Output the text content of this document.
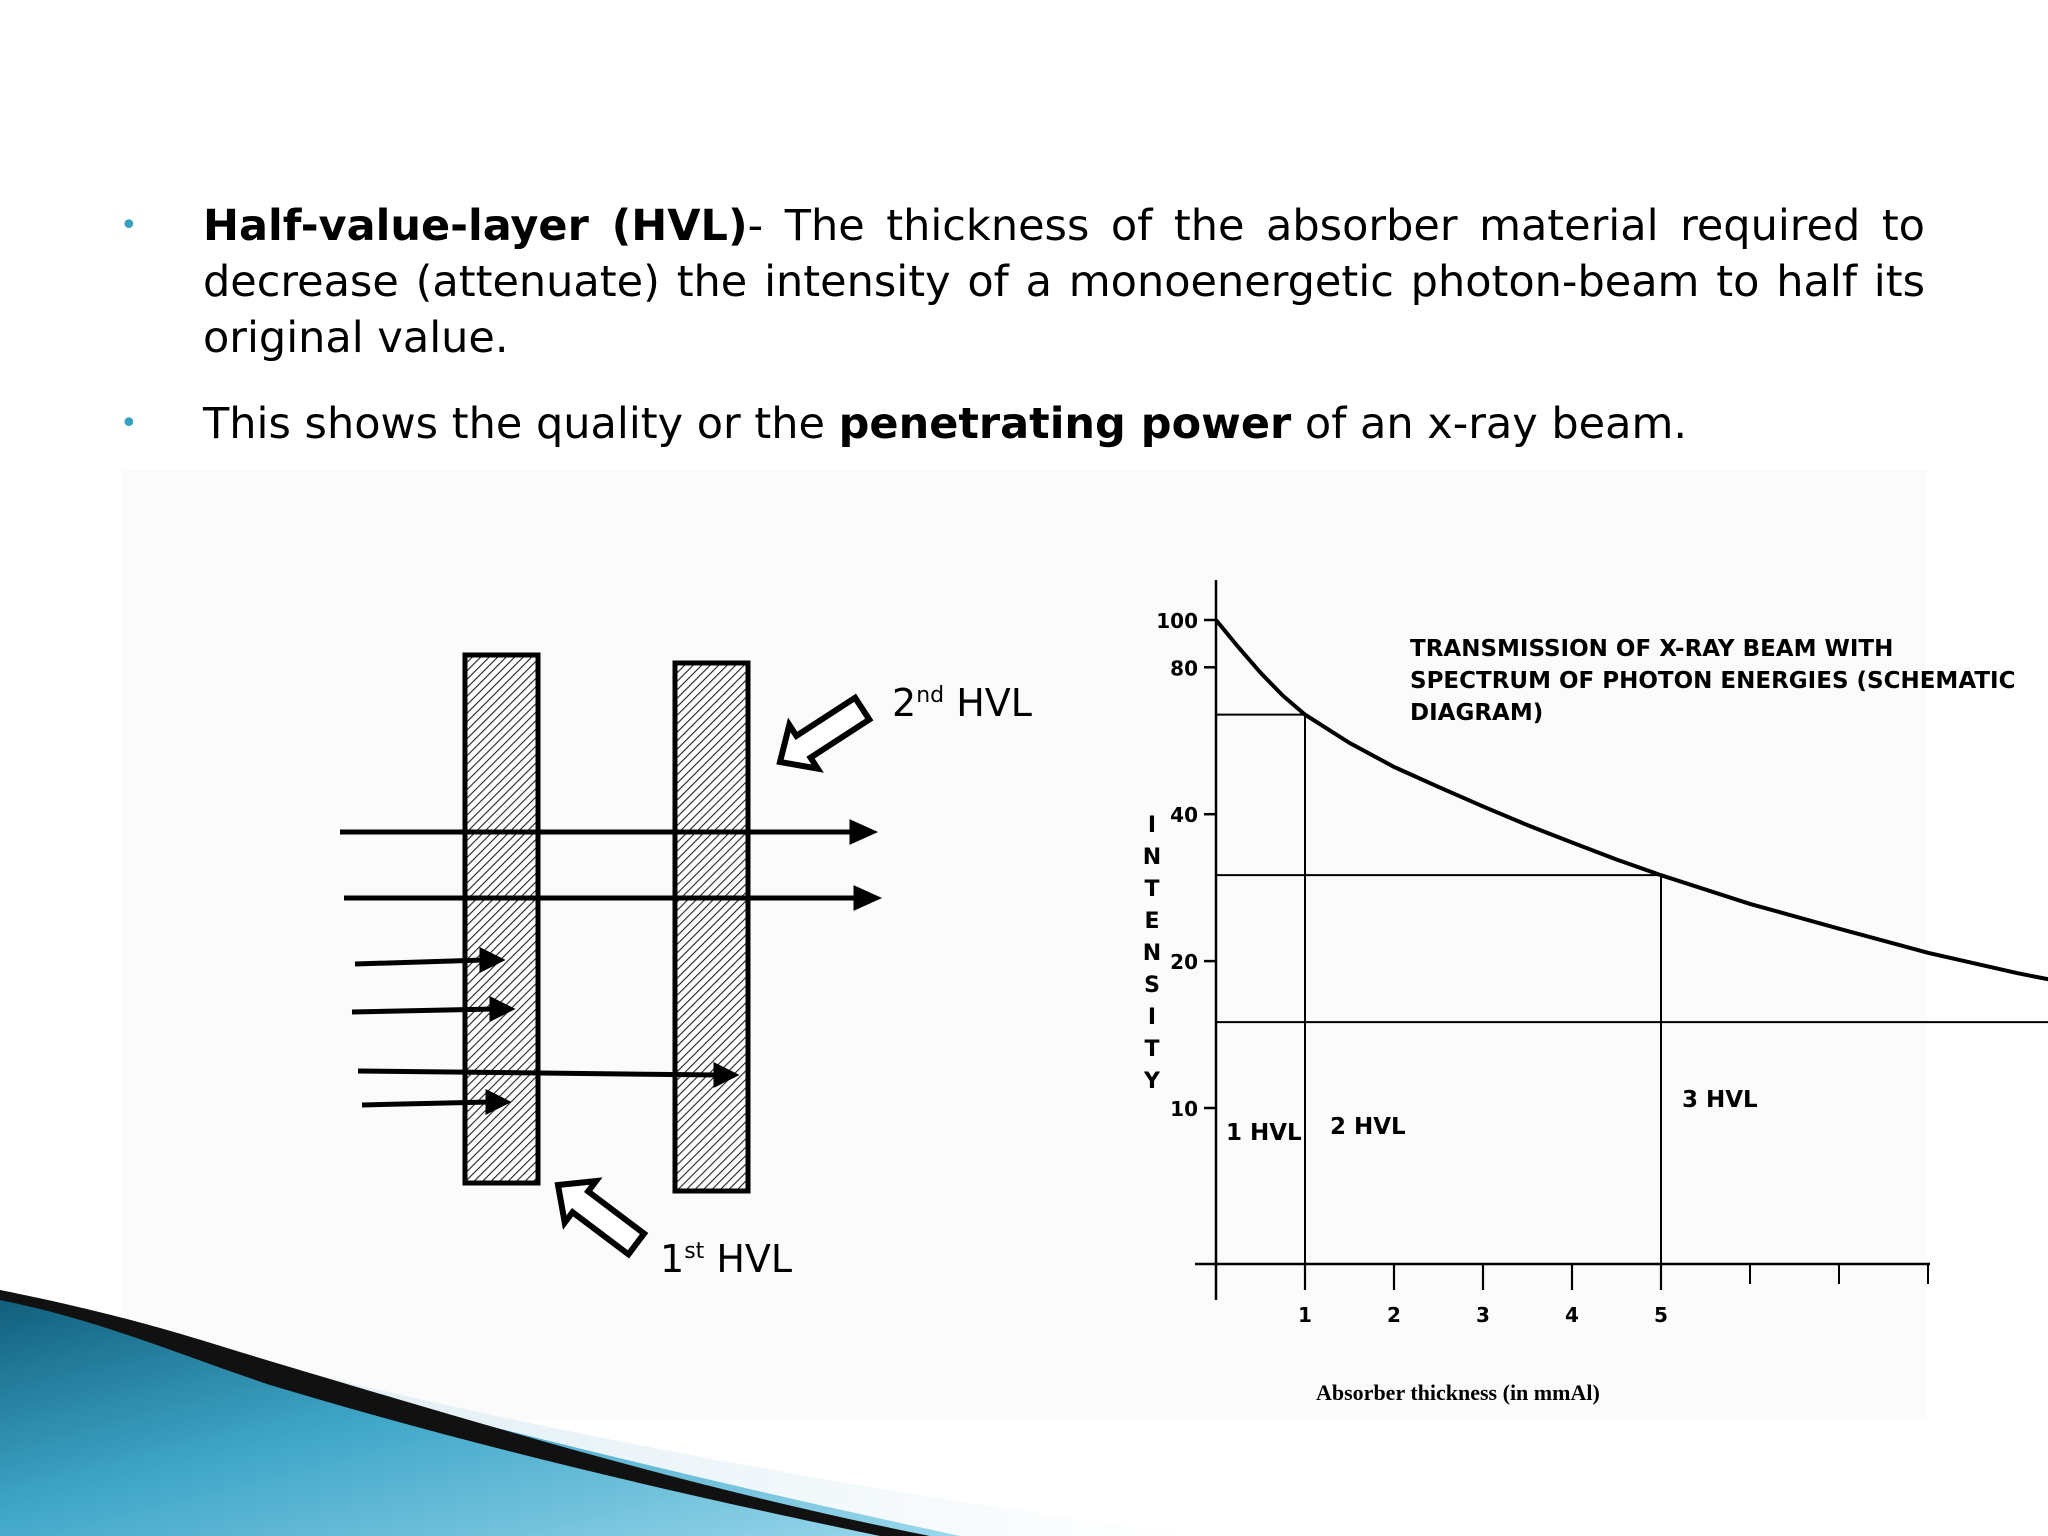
• Half-value-layer (HVL)- The thickness of the absorber material required to decrease (attenuate) the intensity of a monoenergetic photon-beam to half its original value.
• This shows the quality or the penetrating power of an x-ray beam.
2nd HVL
1st HVL
TRANSMISSION OF X-RAY BEAM WITH
SPECTRUM OF PHOTON ENERGIES (SCHEMATIC
DIAGRAM)
I
N
T
E
N
S
I
T
Y
100
80
40
20
10
1	2	3	4	5
1 HVL 2 HVL
3 HVL
Absorber thickness (in mmAl)
